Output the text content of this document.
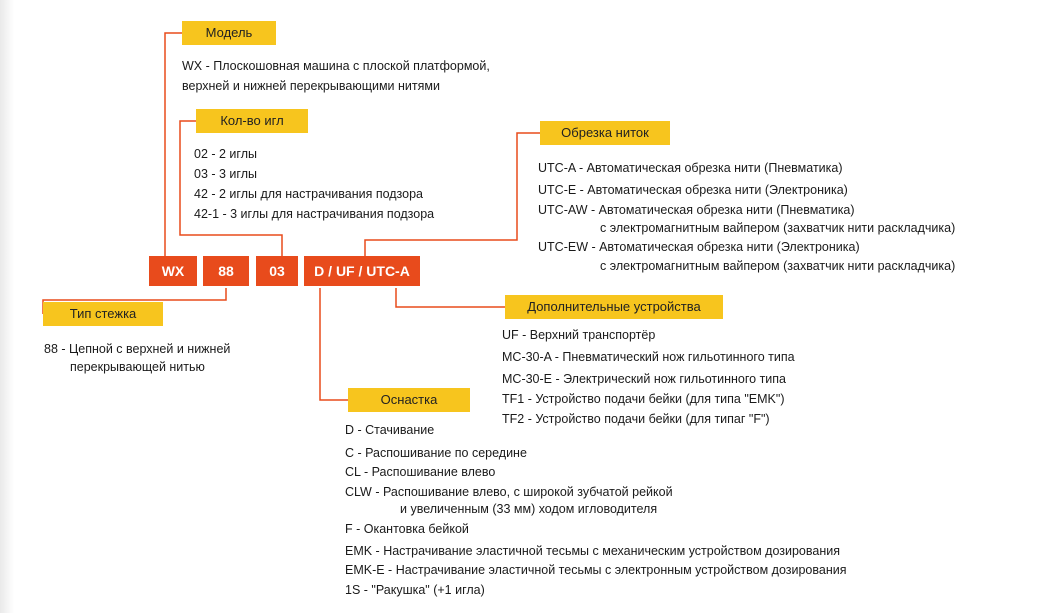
WX	88	03	D / UF / UTC-A
Модель
Кол-во игл
Обрезка ниток
Тип стежка	Дополнительные устройства
Оснастка
WX - Плоскошовная машина с плоской платформой,
верхней и нижней перекрывающими нитями
02 - 2 иглы
03 - 3 иглы
42 - 2 иглы для настрачивания подзора
42-1 - 3 иглы для настрачивания подзора
UTC-A - Автоматическая обрезка нити (Пневматика)
UTC-E - Автоматическая обрезка нити (Электроника)
UTC-AW - Автоматическая обрезка нити (Пневматика)
с электромагнитным вайпером (захватчик нити раскладчика)
UTC-EW - Автоматическая обрезка нити (Электроника)
с электромагнитным вайпером (захватчик нити раскладчика)
88 - Цепной с верхней и нижней
перекрывающей нитью
UF - Верхний транспортёр
MC-30-A - Пневматический нож гильотинного типа
MC-30-E - Электрический нож гильотинного типа
TF1 - Устройство подачи бейки (для типа "EMK")
TF2 - Устройство подачи бейки (для типаг "F")
D - Стачивание
C - Распошивание по середине
CL - Распошивание влево
CLW - Распошивание влево, с широкой зубчатой рейкой
и увеличенным (33 мм) ходом игловодителя
F - Окантовка бейкой
EMK - Настрачивание эластичной тесьмы с механическим устройством дозирования
EMK-E - Настрачивание эластичной тесьмы с электронным устройством дозирования
1S - "Ракушка" (+1 игла)
